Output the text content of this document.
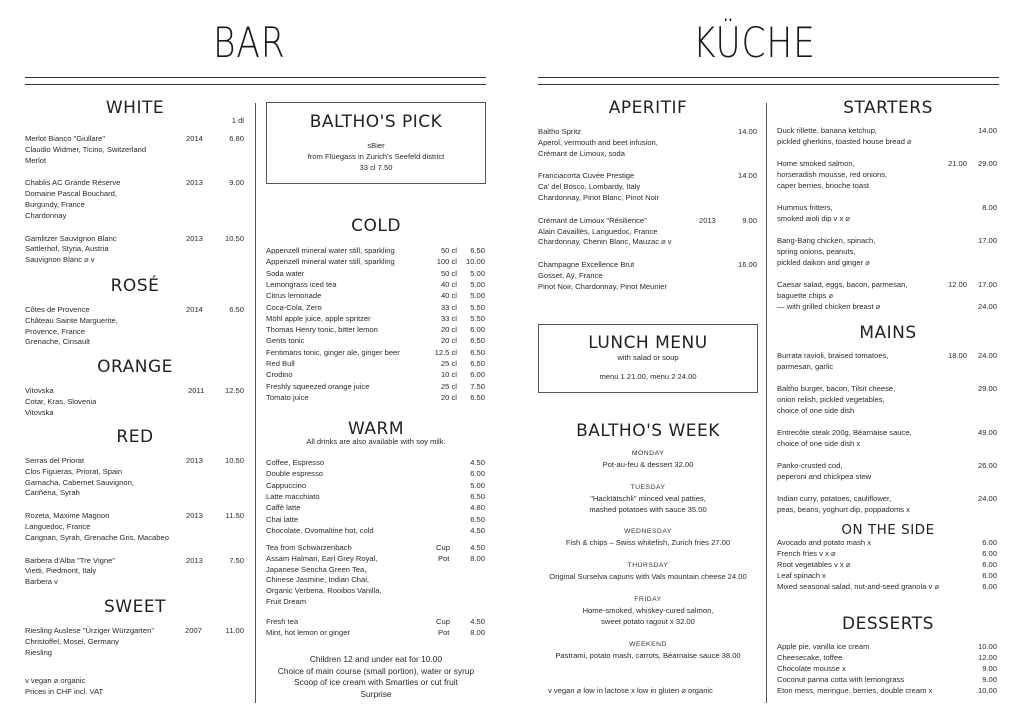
BAR	KÜCHE
WHITE
1 dl
Merlot Bianco "Giullare"
Claudio Widmer, Ticino, Switzerland
Merlot
2014	6.80
Chablis AC Grande Réserve
Domaine Pascal Bouchard,
Burgundy, France
Chardonnay
2013	9.00
Gamlitzer Sauvignon Blanc
Sattlerhof, Styria, Austria
Sauvignon Blanc ⌀ v
2013	10.50
ROSÉ
Côtes de Provence
Château Sainte Marguerite,
Provence, France
Grenache, Cinsault
2014	6.50
ORANGE
Vitovska
Cotar, Kras, Slovenia
Vitovska
2011	12.50
RED
Serras del Priorat
Clos Figueras, Priorat, Spain
Garnacha, Cabernet Sauvignon,
Cariñena, Syrah
2013	10.50
Rozeta, Maxime Magnon
Languedoc, France
Carignan, Syrah, Grenache Gris, Macabeo
2013	11.50
Barbera d'Alba "Tre Vigne"
Vietti, Piedmont, Italy
Barbera v
2013	7.50
SWEET
Riesling Auslese "Ürziger Würzgarten"
Christoffel, Mosel, Germany
Riesling
2007	11.00
v vegan ⌀ organic
Prices in CHF incl. VAT
BALTHO'S PICK
sBier
from Flüegass in Zurich's Seefeld district
33 cl 7.50
COLD
Appenzell mineral water still, sparkling	50 cl 6.50
Appenzell mineral water still, sparkling	100 cl 10.00
Soda water	50 cl 5.00
Lemongrass iced tea	40 cl 5.00
Citrus lemonade	40 cl 5.00
Coca-Cola, Zero	33 cl 5.50
Möhl apple juice, apple spritzer	33 cl 5.50
Thomas Henry tonic, bitter lemon	20 cl 6.00
Gents tonic	20 cl 6.50
Fentimans tonic, ginger ale, ginger beer	12.5 cl 6.50
Red Bull	25 cl 6.50
Crodino	10 cl 6.00
Freshly squeezed orange juice	25 cl 7.50
Tomato juice	20 cl 6.50
WARM
All drinks are also available with soy milk.
Coffee, Espresso	4.50
Double espresso	6.00
Cappuccino	5.00
Latte macchiato	6.50
Caffè latte	4.80
Chai latte	6.50
Chocolate, Ovomaltine hot, cold	4.50
Tea from Schwarzenbach
Assam Halmari, Earl Grey Royal,
Japanese Sencha Green Tea,
Chinese Jasmine, Indian Chai,
Organic Verbena, Rooibos Vanilla,
Fruit Dream
Cup	4.50
Pot	8.00
Fresh tea
Mint, hot lemon or ginger
Cup	4.50
Pot	8.00
Children 12 and under eat for 10.00
Choice of main course (small portion), water or syrup
Scoop of ice cream with Smarties or cut fruit
Surprise
APERITIF
Baltho Spritz
Aperol, vermouth and beet infusion,
Crémant de Limoux, soda
14.00
Franciacorta Cuvée Prestige
Ca' del Bosco, Lombardy, Italy
Chardonnay, Pinot Blanc, Pinot Noir
14.00
Crémant de Limoux "Résilience"
Alain Cavaillès, Languedoc, France
Chardonnay, Chenin Blanc, Mauzac ⌀ v
2013	9.00
Champagne Excellence Brut
Gosset, Aÿ, France
Pinot Noir, Chardonnay, Pinot Meunier
16.00
LUNCH MENU
with salad or soup
menu 1 21.00, menu 2 24.00
BALTHO'S WEEK
MONDAY
Pot-au-feu & dessert 32.00
TUESDAY
"Hacktätschli" minced veal patties,
mashed potatoes with sauce 35.00
WEDNESDAY
Fish & chips – Swiss whitefish, Zurich fries 27.00
THURSDAY
Original Surselva capuns with Vals mountain cheese 24.00
FRIDAY
Home-smoked, whiskey-cured salmon,
sweet potato ragout x 32.00
WEEKEND
Pastrami, potato mash, carrots, Béarnaise sauce 38.00
v vegan ⌀ low in lactose x low in gluten ⌀ organic
STARTERS
Duck rillette, banana ketchup,
pickled gherkins, toasted house bread ⌀
14.00
Home smoked salmon,
horseradish mousse, red onions,
caper berries, brioche toast
21.00 29.00
Hummus fritters,
smoked aioli dip v x ⌀
8.00
Bang-Bang chicken, spinach,
spring onions, peanuts,
pickled daikon and ginger ⌀
17.00
Caesar salad, eggs, bacon, parmesan,
baguette chips ⌀
12.00 17.00
— with grilled chicken breast ⌀	24.00
MAINS
Burrata ravioli, braised tomatoes,
parmesan, garlic
18.00 24.00
Baltho burger, bacon, Tilsit cheese,
onion relish, pickled vegetables,
choice of one side dish
29.00
Entrecôte steak 200g, Béarnaise sauce,
choice of one side dish x
49.00
Panko-crusted cod,
peperoni and chickpea stew
26.00
Indian curry, potatoes, cauliflower,
peas, beans, yoghurt dip, poppadoms x
24.00
ON THE SIDE
Avocado and potato mash x	6.00
French fries v x ⌀	6.00
Root vegetables v x ⌀	6.00
Leaf spinach x	6.00
Mixed seasonal salad, nut-and-seed granola v ⌀	6.00
DESSERTS
Apple pie, vanilla ice cream	10.00
Cheesecake, toffee	12.00
Chocolate mousse x	9.00
Coconut panna cotta with lemongrass	9.00
Eton mess, meringue, berries, double cream x	10.00
